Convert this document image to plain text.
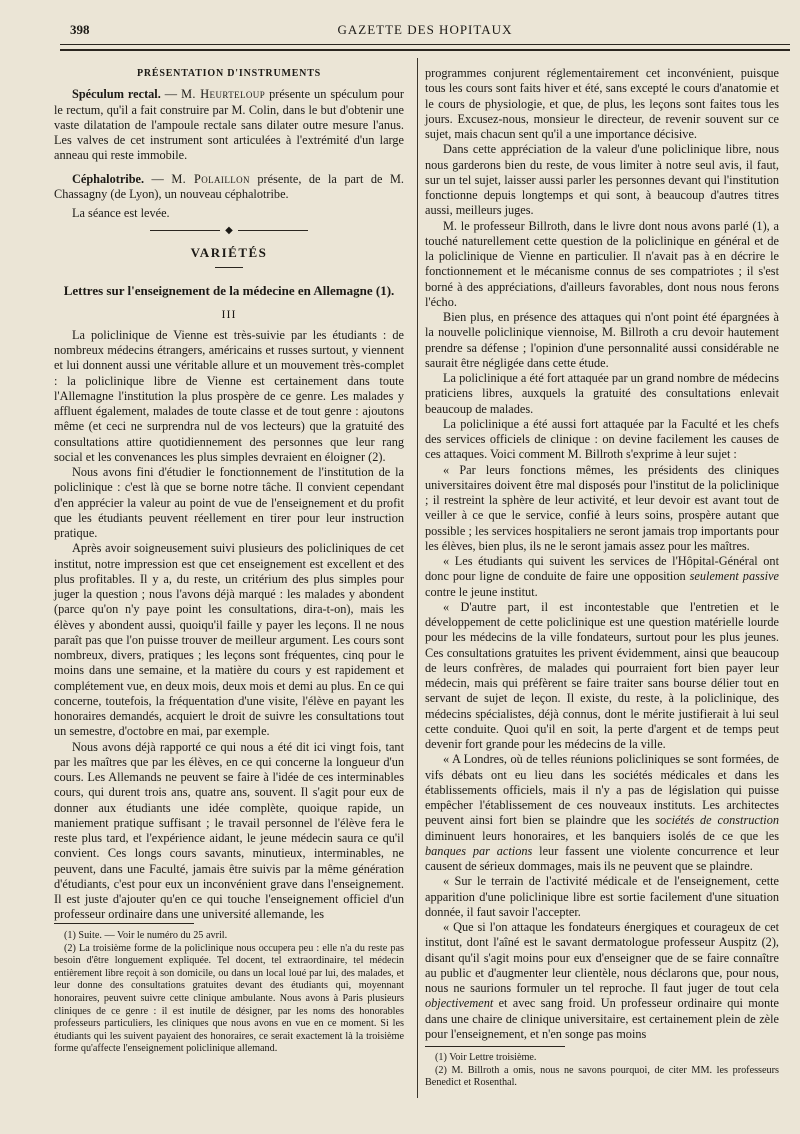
GAZETTE DES HOPITAUX
398
PRÉSENTATION D'INSTRUMENTS

Spéculum rectal. — M. Heurteloup présente un spéculum pour le rectum, qu'il a fait construire par M. Colin, dans le but d'obtenir une vaste dilatation de l'ampoule rectale sans dilater outre mesure l'anus. Les valves de cet instrument sont articulées à l'extrémité d'un large anneau qui reste immobile.

Céphalotribe. — M. Polaillon présente, de la part de M. Chassagny (de Lyon), un nouveau céphalotribe.

La séance est levée.

◆
VARIÉTÉS
Lettres sur l'enseignement de la médecine en Allemagne (1).
III

La policlinique de Vienne est très-suivie par les étudiants : de nombreux médecins étrangers, américains et russes surtout, y viennent et lui donnent aussi une véritable allure et un mouvement très-complet : la policlinique libre de Vienne est certainement dans toute l'Allemagne l'institution la plus prospère de ce genre. Les malades y affluent également, malades de toute classe et de tout genre : ajoutons même (et ceci ne surprendra nul de vos lecteurs) que la gratuité des consultations attire quotidiennement des personnes que leur rang social et les convenances les plus simples devraient en éloigner (2).

Nous avons fini d'étudier le fonctionnement de l'institution de la policlinique : c'est là que se borne notre tâche. Il convient cependant d'en apprécier la valeur au point de vue de l'enseignement et du profit que les étudiants peuvent réellement en tirer pour leur instruction pratique.

Après avoir soigneusement suivi plusieurs des policliniques de cet institut, notre impression est que cet enseignement est excellent et des plus profitables. Il y a, du reste, un critérium des plus simples pour juger la question ; nous l'avons déjà marqué : les malades y abondent (parce qu'on n'y paye point les consultations, dira-t-on), mais les élèves y abondent aussi, quoiqu'il faille y payer les leçons. Il ne nous paraît pas que l'on puisse trouver de meilleur argument. Les cours sont nombreux, divers, pratiques ; les leçons sont fréquentes, cinq pour le moins dans une semaine, et la matière du cours y est rapidement et complétement vue, en deux mois, deux mois et demi au plus. En ce qui concerne, toutefois, la fréquentation d'une visite, l'élève en payant les honoraires demandés, acquiert le droit de suivre les consultations tout un semestre, d'octobre en mai, par exemple.

Nous avons déjà rapporté ce qui nous a été dit ici vingt fois, tant par les maîtres que par les élèves, en ce qui concerne la longueur d'un cours. Les Allemands ne peuvent se faire à l'idée de ces interminables cours, qui durent trois ans, quatre ans, souvent. Il s'agit pour eux de donner aux étudiants une idée complète, quoique rapide, un maniement pratique suffisant ; le travail personnel de l'élève fera le reste plus tard, et l'expérience aidant, le jeune médecin saura ce qu'il convient. Ces longs cours savants, minutieux, interminables, ne peuvent, dans une Faculté, jamais être suivis par la même génération d'étudiants, c'est pour eux un inconvénient grave dans l'enseignement. Il est juste d'ajouter qu'en ce qui touche l'enseignement officiel d'un professeur ordinaire dans une université allemande, les

(1) Suite. — Voir le numéro du 25 avril.

(2) La troisième forme de la policlinique nous occupera peu : elle n'a du reste pas besoin d'être longuement expliquée. Tel docent, tel extraordinaire, tel médecin entièrement libre reçoit à son domicile, ou dans un local loué par lui, des malades, et leur donne des consultations gratuites devant des étudiants qui, moyennant honoraires, peuvent suivre cette clinique ambulante. Nous avons à Paris plusieurs cliniques de ce genre : il est inutile de désigner, par les noms des honorables professeurs particuliers, les cliniques que nous avons en vue en ce moment. Si les étudiants qui les suivent payaient des honoraires, ce serait exactement là la troisième forme qu'affecte l'enseignement policlinique allemand.

programmes conjurent réglementairement cet inconvénient, puisque tous les cours sont faits hiver et été, sans excepté le cours d'anatomie et le cours de physiologie, et que, de plus, les leçons sont faites tous les jours. Excusez-nous, monsieur le directeur, de revenir souvent sur ce sujet, mais chacun sent qu'il a une importance décisive.

Dans cette appréciation de la valeur d'une policlinique libre, nous nous garderons bien du reste, de vous limiter à notre seul avis, il faut, sur un tel sujet, laisser aussi parler les personnes devant qui l'institution fonctionne depuis longtemps et qui sont, à beaucoup d'autres titres aussi, meilleurs juges.

M. le professeur Billroth, dans le livre dont nous avons parlé (1), a touché naturellement cette question de la policlinique en général et de la policlinique de Vienne en particulier. Il n'avait pas à en décrire le fonctionnement et le mécanisme connus de ses compatriotes ; il s'est borné à des appréciations, d'ailleurs favorables, dont nous nous ferons l'écho.

Bien plus, en présence des attaques qui n'ont point été épargnées à la nouvelle policlinique viennoise, M. Billroth a cru devoir hautement prendre sa défense ; l'opinion d'une personnalité aussi considérable ne saurait être négligée dans cette étude.

La policlinique a été fort attaquée par un grand nombre de médecins praticiens libres, auxquels la gratuité des consultations enlevait beaucoup de malades.

La policlinique a été aussi fort attaquée par la Faculté et les chefs des services officiels de clinique : on devine facilement les causes de ces attaques. Voici comment M. Billroth s'exprime à leur sujet :

« Par leurs fonctions mêmes, les présidents des cliniques universitaires doivent être mal disposés pour l'institut de la policlinique ; il restreint la sphère de leur activité, et leur devoir est avant tout de veiller à ce que le service, confié à leurs soins, prospère autant que possible ; les services hospitaliers ne seront jamais trop importants pour les élèves, bien plus, ils ne le seront jamais assez pour les maîtres.

« Les étudiants qui suivent les services de l'Hôpital-Général ont donc pour ligne de conduite de faire une opposition seulement passive contre le jeune institut.

« D'autre part, il est incontestable que l'entretien et le développement de cette policlinique est une question matérielle lourde pour les médecins de la ville fondateurs, surtout pour les plus jeunes. Ces consultations gratuites les privent évidemment, ainsi que beaucoup de leurs confrères, de malades qui pourraient fort bien payer leur médecin, mais qui préfèrent se faire traiter sans bourse délier tout en servant de sujet de leçon. Il existe, du reste, à la policlinique, des médecins spécialistes, déjà connus, dont le mérite justifierait à lui seul cette conduite. Quoi qu'il en soit, la perte d'argent et de temps peut devenir fort grande pour les médecins de la ville.

« A Londres, où de telles réunions policliniques se sont formées, de vifs débats ont eu lieu dans les sociétés médicales et dans les établissements officiels, mais il n'y a pas de législation qui puisse empêcher l'établissement de ces nouveaux instituts. Les architectes peuvent ainsi fort bien se plaindre que les sociétés de construction diminuent leurs honoraires, et les banquiers isolés de ce que les banques par actions leur fassent une violente concurrence et leur causent de sérieux dommages, mais ils ne peuvent que se plaindre.

« Sur le terrain de l'activité médicale et de l'enseignement, cette apparition d'une policlinique libre est sortie facilement d'une situation donnée, il faut savoir l'accepter.

« Que si l'on attaque les fondateurs énergiques et courageux de cet institut, dont l'aîné est le savant dermatologue professeur Auspitz (2), disant qu'il s'agit moins pour eux d'enseigner que de se faire connaître au public et d'augmenter leur clientèle, nous déclarons que, pour nous, nous ne saurions formuler un tel reproche. Il faut juger de tout cela objectivement et avec sang froid. Un professeur ordinaire qui monte dans une chaire de clinique universitaire, est certainement plein de zèle pour l'enseignement, et n'en songe pas moins

(1) Voir Lettre troisième.

(2) M. Billroth a omis, nous ne savons pourquoi, de citer MM. les professeurs Benedict et Rosenthal.
